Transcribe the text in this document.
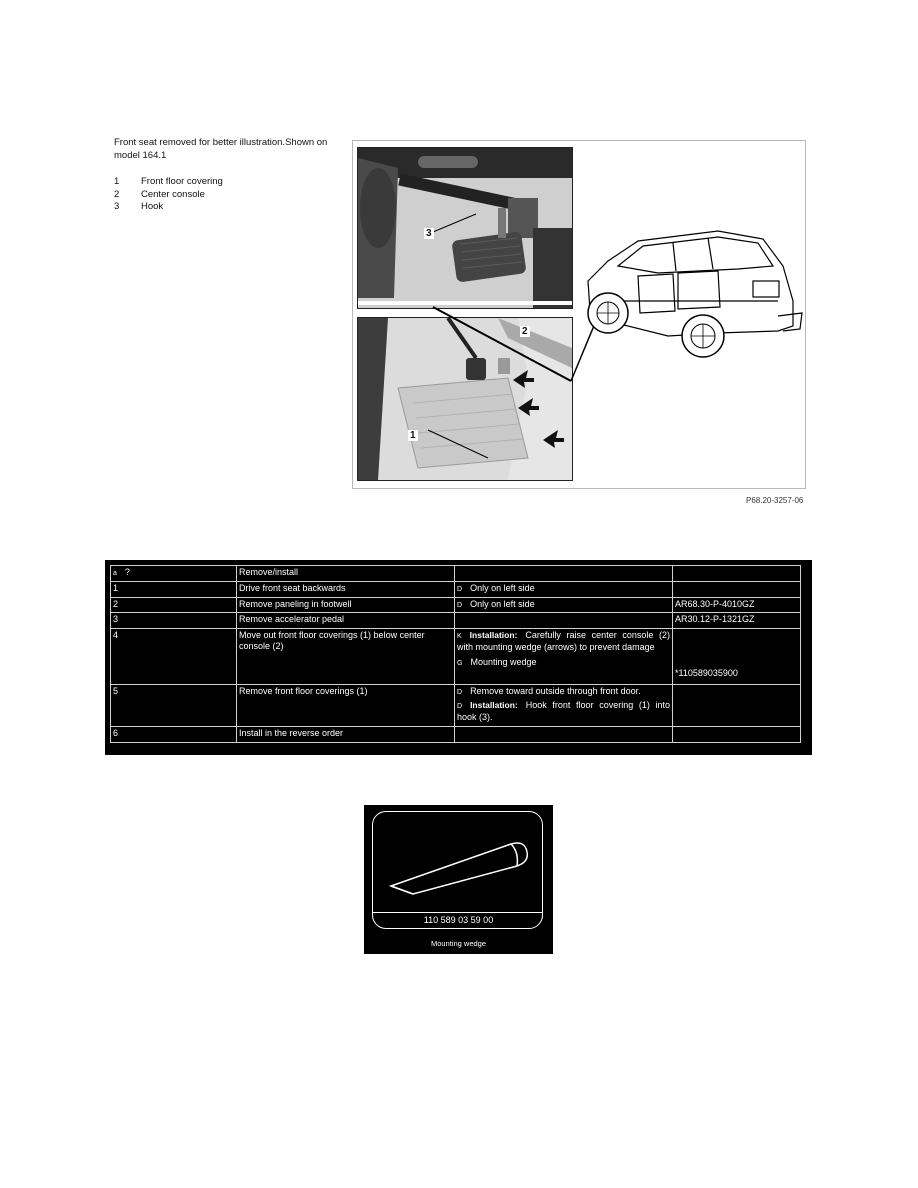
Front seat removed for better illustration.Shown on model 164.1

1	Front floor covering
2	Center console
3	Hook
3
2
1
P68.20-3257-06
a ?	Remove/install		
1	Drive front seat backwards	D Only on left side	
2	Remove paneling in footwell	D Only on left side	AR68.30-P-4010GZ
3	Remove accelerator pedal		AR30.12-P-1321GZ
4	Move out front floor coverings (1) below center console (2)	K Installation: Carefully raise center console (2) with mounting wedge (arrows) to prevent damage
G Mounting wedge	*110589035900
5	Remove front floor coverings (1)	D Remove toward outside through front door.
D Installation: Hook front floor covering (1) into hook (3).	

6	Install in the reverse order		
110 589 03 59 00
Mounting wedge
